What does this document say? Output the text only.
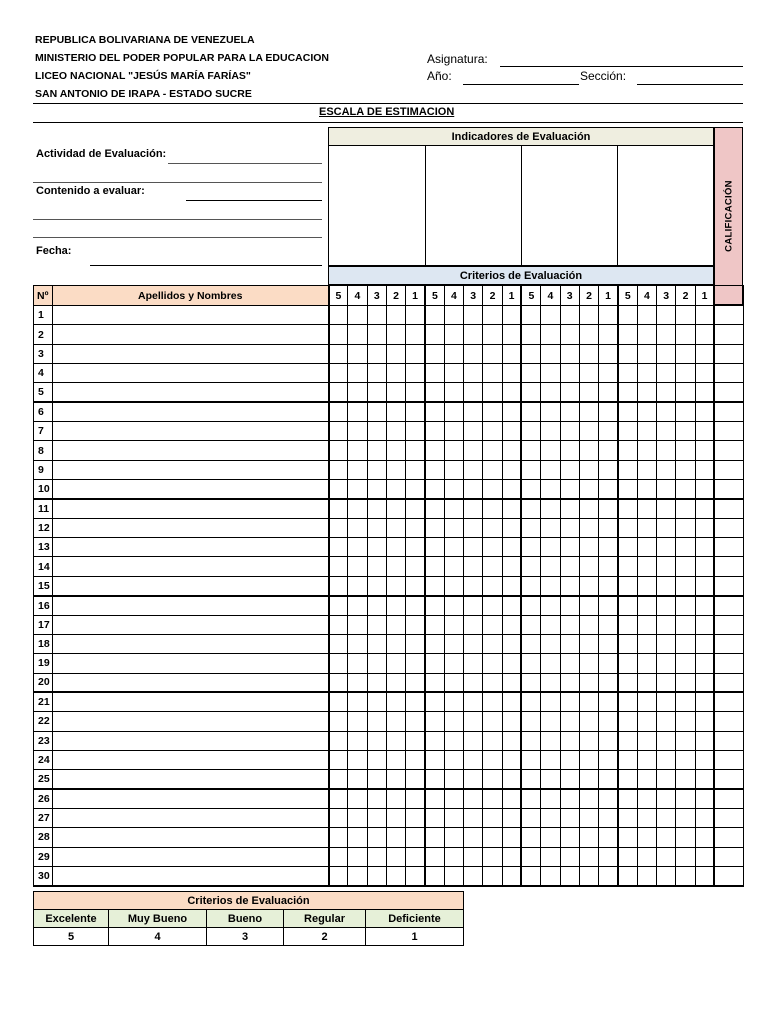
REPUBLICA BOLIVARIANA DE VENEZUELA
MINISTERIO DEL PODER POPULAR PARA LA EDUCACION
LICEO NACIONAL "JESÚS MARÍA FARÍAS"
SAN ANTONIO DE IRAPA - ESTADO SUCRE
Asignatura:
Año:	Sección:
ESCALA DE ESTIMACION
Actividad de Evaluación:
Contenido a evaluar:
Fecha:
Indicadores de Evaluación
Criterios de Evaluación
CALIFICACIÓN
Nº	Apellidos y Nombres	5	4	3	2	1	5	4	3	2	1	5	4	3	2	1	5	4	3	2	1	
1																						
2																						
3																						
4																						
5																						
6																						
7																						
8																						
9																						
10																						
11																						
12																						
13																						
14																						
15																						
16																						
17																						
18																						
19																						
20																						
21																						
22																						
23																						
24																						
25																						
26																						
27																						
28																						
29																						
30																						
Criterios de Evaluación				
Excelente	Muy Bueno	Bueno	Regular	Deficiente
5	4	3	2	1
